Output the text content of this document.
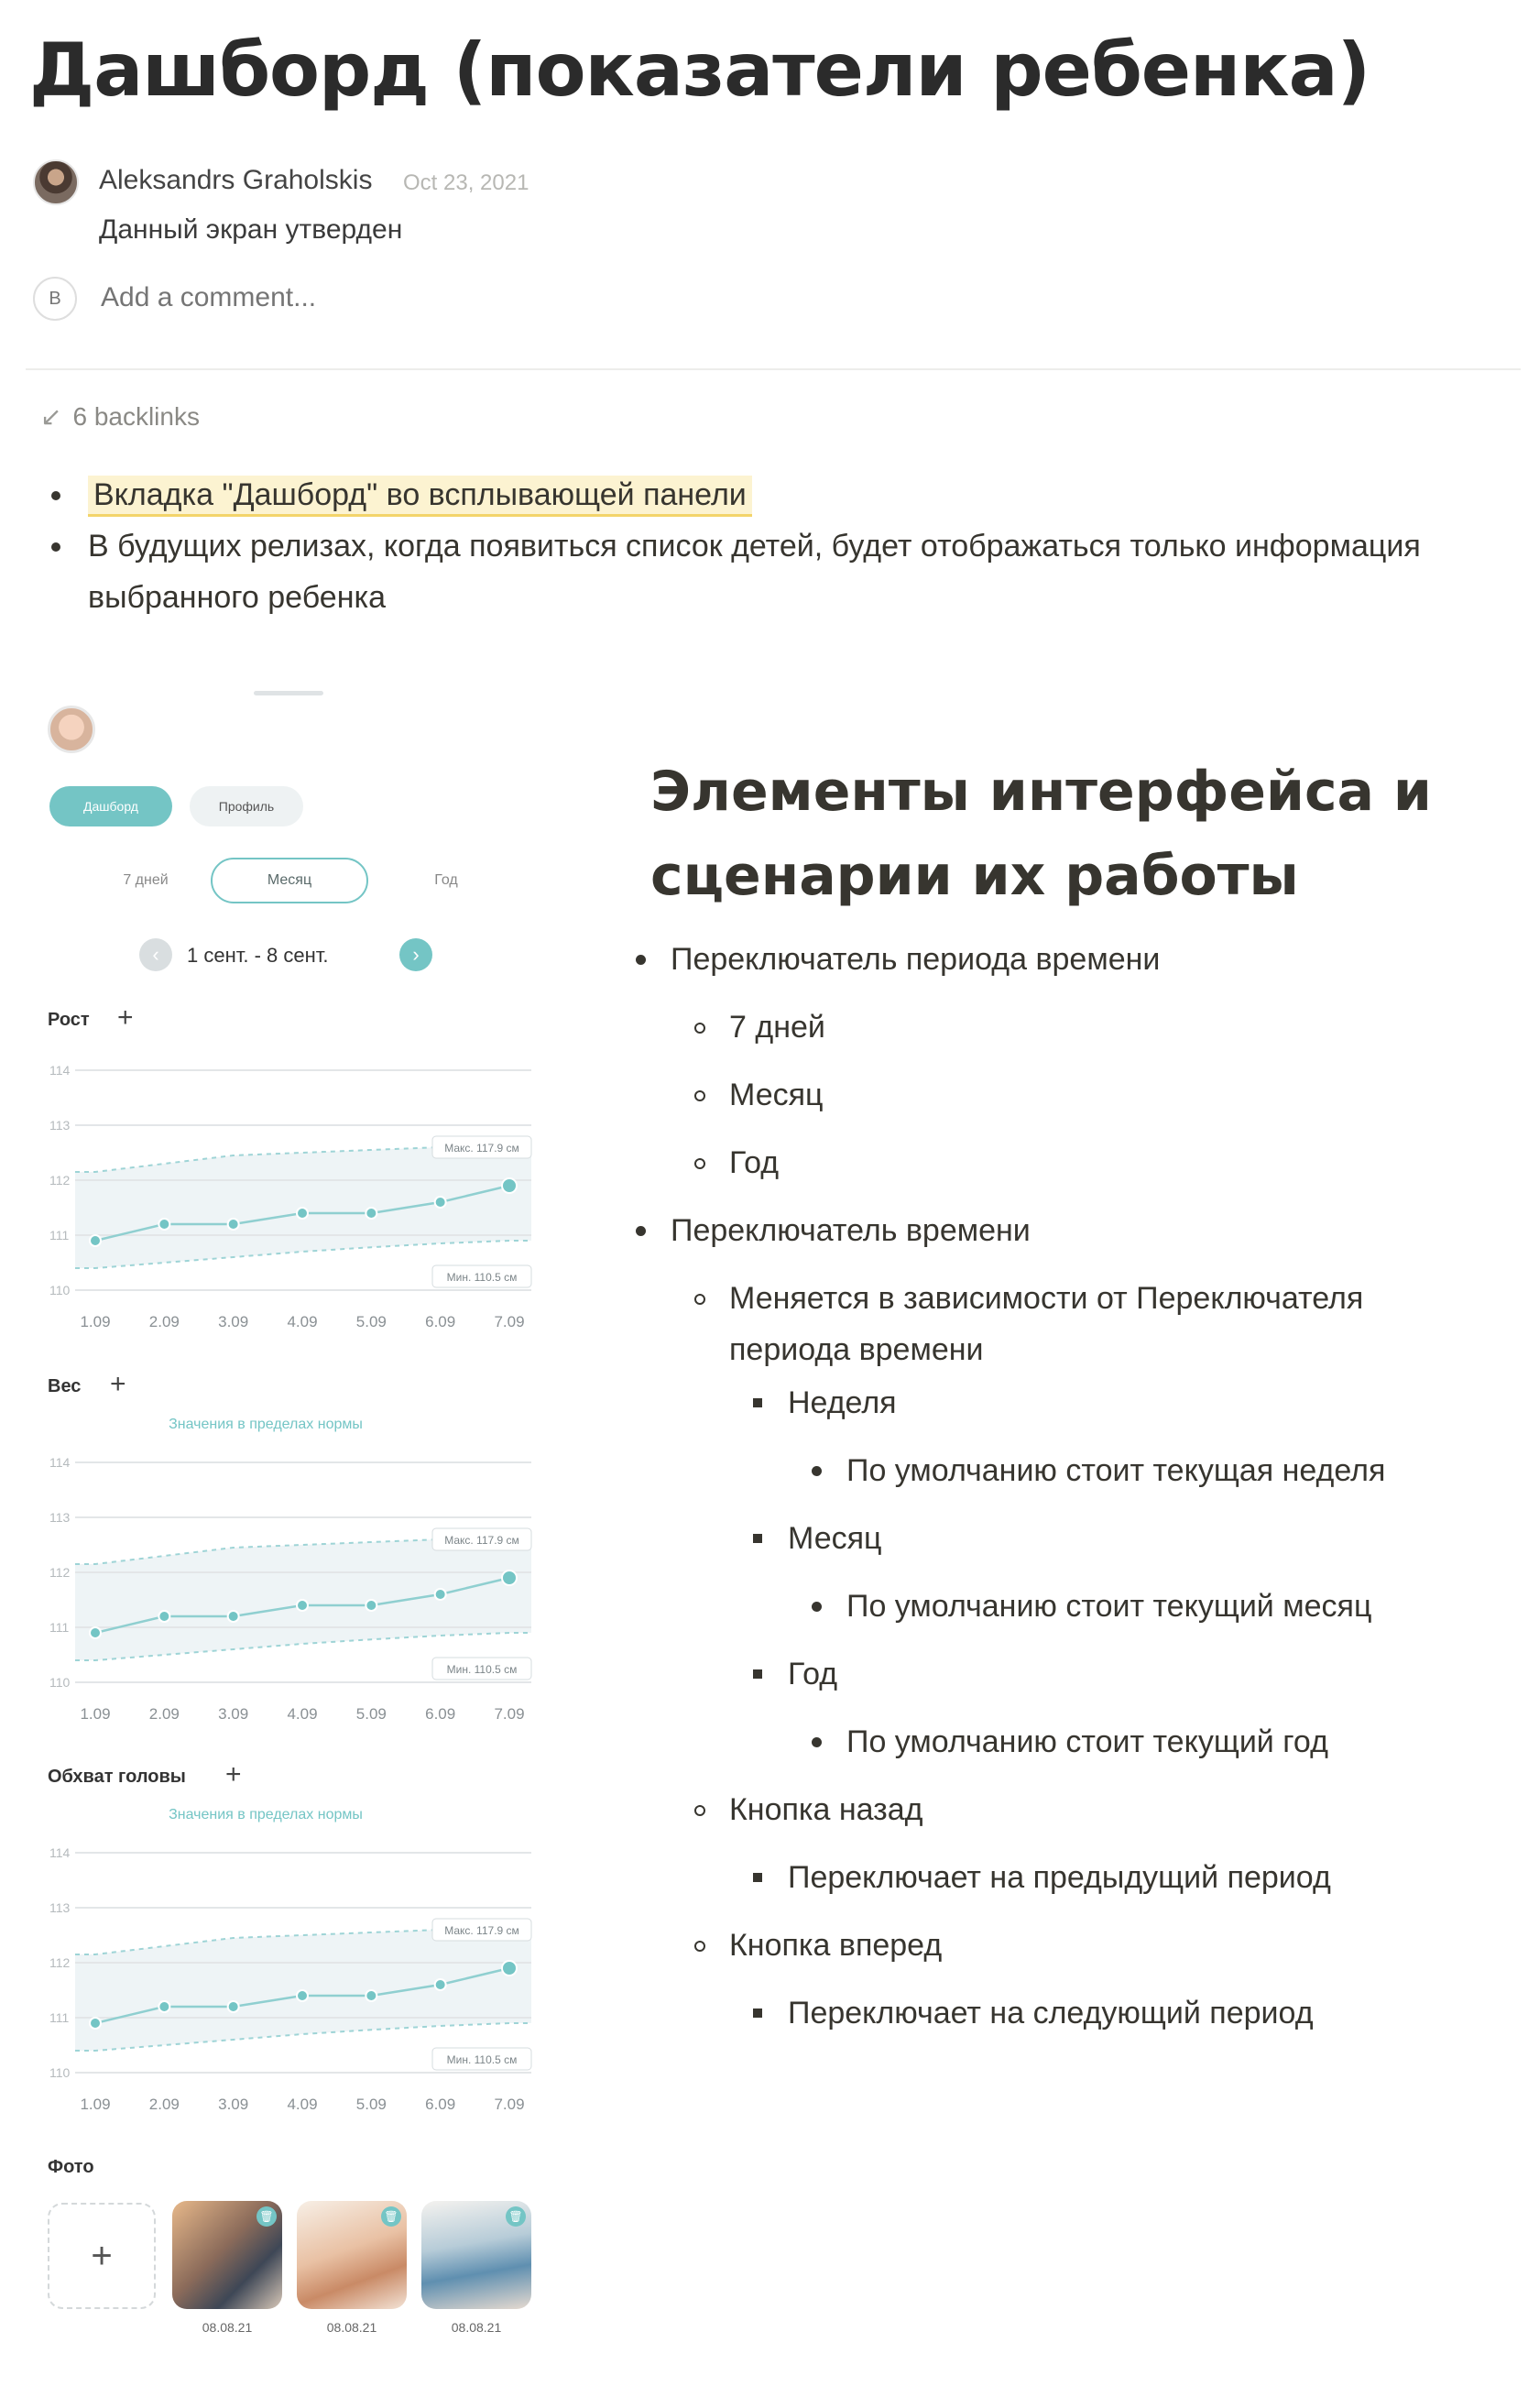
Дашборд (показатели ребенка)
Aleksandrs Graholskis Oct 23, 2021
Данный экран утверден
B
Add a comment...
↙ 6 backlinks
Вкладка "Дашборд" во всплывающей панели
В будущих релизах, когда появиться список детей, будет отображаться только информация выбранного ребенка
Дашборд	Профиль
7 дней	Месяц	Год
‹	1 сент. - 8 сент.	›
Рост +
114
113
112
111
110
Макс. 117.9 см
Мин. 110.5 см
1.09 2.09 3.09 4.09 5.09 6.09 7.09
Вес +
Значения в пределах нормы
114
113
112
111
110
Макс. 117.9 см
Мин. 110.5 см
1.09 2.09 3.09 4.09 5.09 6.09 7.09
Обхват головы +
Значения в пределах нормы
114
113
112
111
110
Макс. 117.9 см
Мин. 110.5 см
1.09 2.09 3.09 4.09 5.09 6.09 7.09
Фото
+
🗑
08.08.21
🗑
08.08.21
🗑
08.08.21
Элементы интерфейса и сценарии их работы
Переключатель периода времени
7 дней
Месяц
Год
Переключатель времени
Меняется в зависимости от Переключателя
периода времени
Неделя
По умолчанию стоит текущая неделя
Месяц
По умолчанию стоит текущий месяц
Год
По умолчанию стоит текущий год
Кнопка назад
Переключает на предыдущий период
Кнопка вперед
Переключает на следующий период
